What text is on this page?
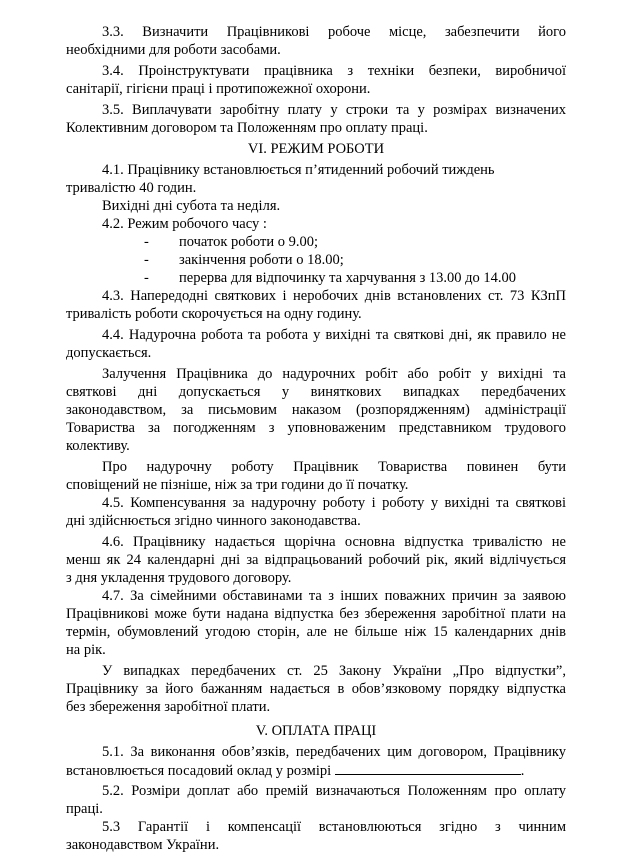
3.3. Визначити Працівникові робоче місце, забезпечити його
необхідними для роботи засобами.
3.4. Проінструктувати працівника з техніки безпеки, виробничої
санітарії, гігієни праці і протипожежної охорони.
3.5. Виплачувати заробітну плату у строки та у розмірах визначених
Колективним договором та Положенням про оплату праці.
VI. РЕЖИМ РОБОТИ
4.1. Працівнику встановлюється п’ятиденний робочий тиждень
тривалістю 40 годин.
Вихідні дні субота та неділя.
4.2. Режим робочого часу :
- початок роботи о 9.00;
- закінчення роботи о 18.00;
- перерва для відпочинку та харчування з 13.00 до 14.00
4.3. Напередодні святкових і неробочих днів встановлених ст. 73 КЗпП
тривалість роботи скорочується на одну годину.
4.4. Надурочна робота та робота у вихідні та святкові дні, як правило не
допускається.
Залучення Працівника до надурочних робіт або робіт у вихідні та
святкові дні допускається у виняткових випадках передбачених
законодавством, за письмовим наказом (розпорядженням) адміністрації
Товариства за погодженням з уповноваженим представником трудового
колективу.
Про надурочну роботу Працівник Товариства повинен бути
сповіщений не пізніше, ніж за три години до її початку.
4.5. Компенсування за надурочну роботу і роботу у вихідні та святкові
дні здійснюється згідно чинного законодавства.
4.6. Працівнику надається щорічна основна відпустка тривалістю не
менш як 24 календарні дні за відпрацьований робочий рік, який відлічується
з дня укладення трудового договору.
4.7. За сімейними обставинами та з інших поважних причин за заявою
Працівникові може бути надана відпустка без збереження заробітної плати на
термін, обумовлений угодою сторін, але не більше ніж 15 календарних днів
на рік.
У випадках передбачених ст. 25 Закону України „Про відпустки”,
Працівнику за його бажанням надається в обов’язковому порядку відпустка
без збереження заробітної плати.
V. ОПЛАТА ПРАЦІ
5.1. За виконання обов’язків, передбачених цим договором, Працівнику
встановлюється посадовий оклад у розмірі	.
5.2. Розміри доплат або премій визначаються Положенням про оплату
праці.
5.3 Гарантії і компенсації встановлюються згідно з чинним
законодавством України.
